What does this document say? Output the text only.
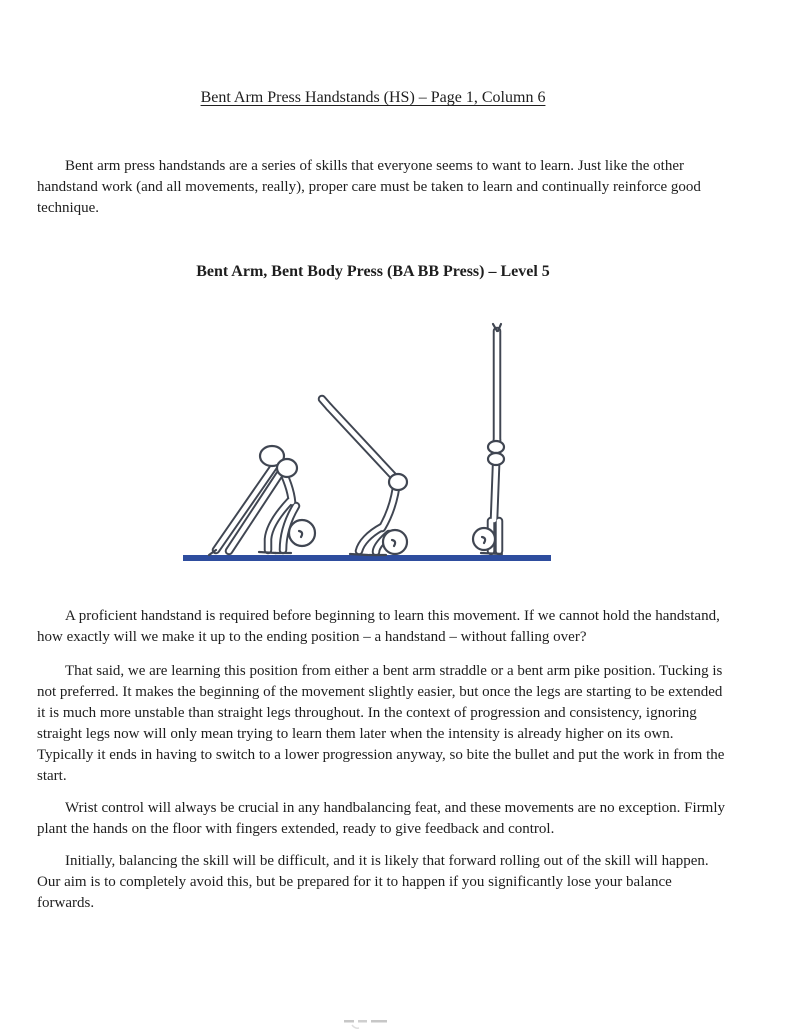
Bent Arm Press Handstands (HS) – Page 1, Column 6

Bent arm press handstands are a series of skills that everyone seems to want to learn. Just like the other handstand work (and all movements, really), proper care must be taken to learn and continually reinforce good technique.

Bent Arm, Bent Body Press (BA BB Press) – Level 5

A proficient handstand is required before beginning to learn this movement. If we cannot hold the handstand, how exactly will we make it up to the ending position – a handstand – without falling over?

That said, we are learning this position from either a bent arm straddle or a bent arm pike position. Tucking is not preferred. It makes the beginning of the movement slightly easier, but once the legs are starting to be extended it is much more unstable than straight legs throughout. In the context of progression and consistency, ignoring straight legs now will only mean trying to learn them later when the intensity is already higher on its own. Typically it ends in having to switch to a lower progression anyway, so bite the bullet and put the work in from the start.

Wrist control will always be crucial in any handbalancing feat, and these movements are no exception. Firmly plant the hands on the floor with fingers extended, ready to give feedback and control.

Initially, balancing the skill will be difficult, and it is likely that forward rolling out of the skill will happen. Our aim is to completely avoid this, but be prepared for it to happen if you significantly lose your balance forwards.
